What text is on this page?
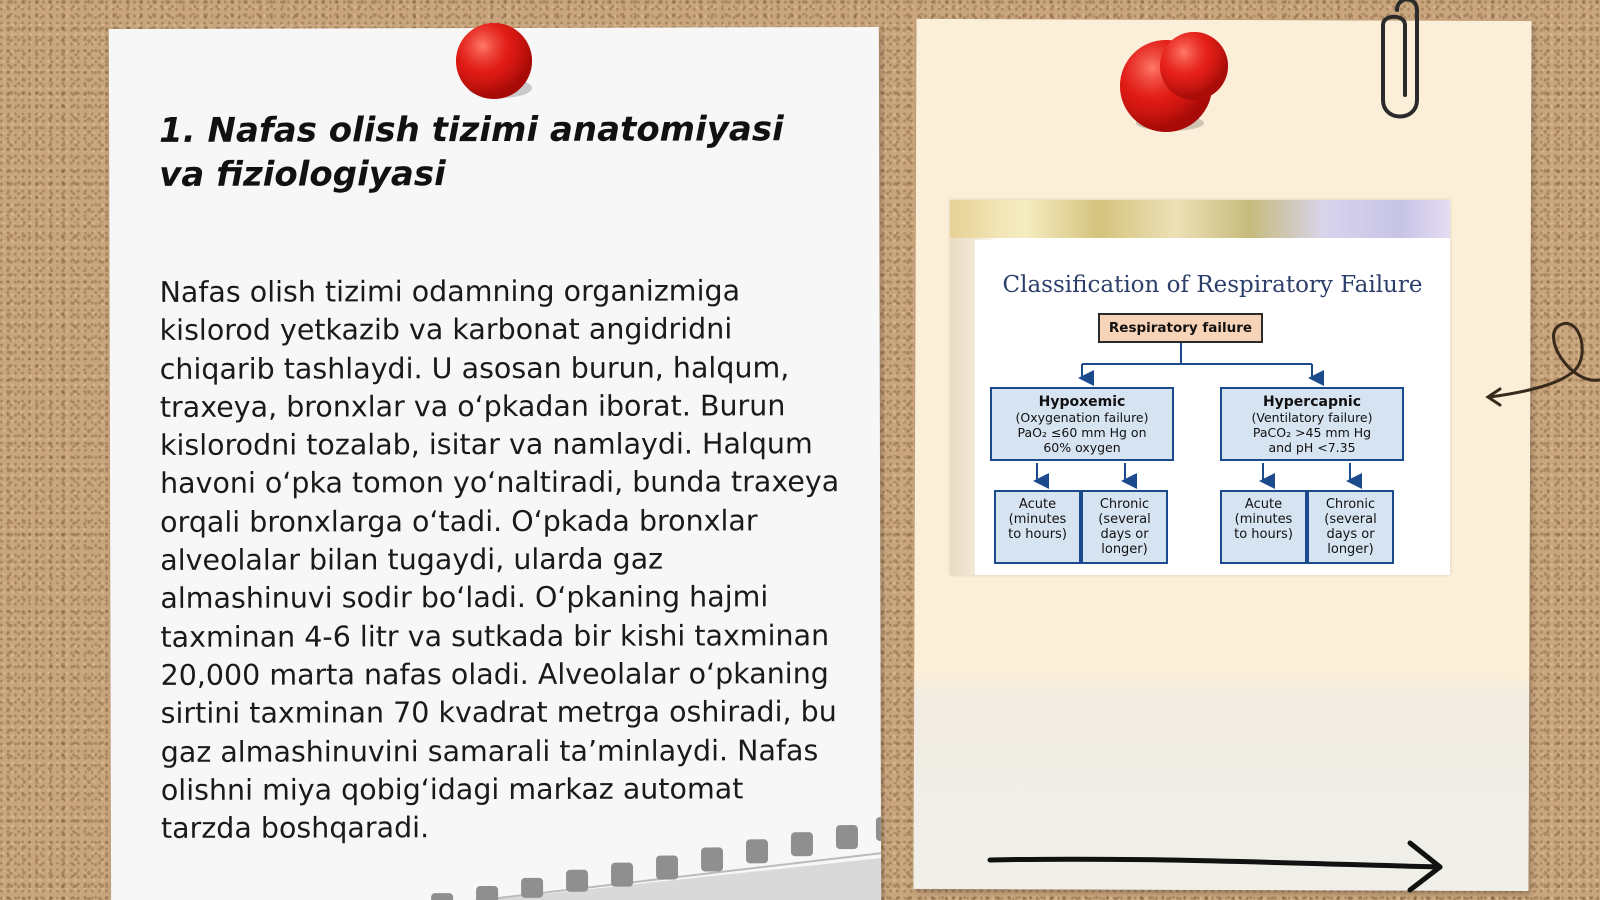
1. Nafas olish tizimi anatomiyasi va fiziologiyasi

Nafas olish tizimi odamning organizmiga kislorod yetkazib va karbonat angidridni chiqarib tashlaydi. U asosan burun, halqum, traxeya, bronxlar va o‘pkadan iborat. Burun kislorodni tozalab, isitar va namlaydi. Halqum havoni o‘pka tomon yo‘naltiradi, bunda traxeya orqali bronxlarga o‘tadi. O‘pkada bronxlar alveolalar bilan tugaydi, ularda gaz almashinuvi sodir bo‘ladi. O‘pkaning hajmi taxminan 4-6 litr va sutkada bir kishi taxminan 20,000 marta nafas oladi. Alveolalar o‘pkaning sirtini taxminan 70 kvadrat metrga oshiradi, bu gaz almashinuvini samarali ta’minlaydi. Nafas olishni miya qobig‘idagi markaz automat tarzda boshqaradi.

Classification of Respiratory Failure
Respiratory failure
Hypoxemic
(Oxygenation failure)
PaO₂ ≤60 mm Hg on
60% oxygen
Hypercapnic
(Ventilatory failure)
PaCO₂ >45 mm Hg
and pH <7.35
Acute
(minutes
to hours)
Chronic
(several
days or
longer)
Acute
(minutes
to hours)
Chronic
(several
days or
longer)
